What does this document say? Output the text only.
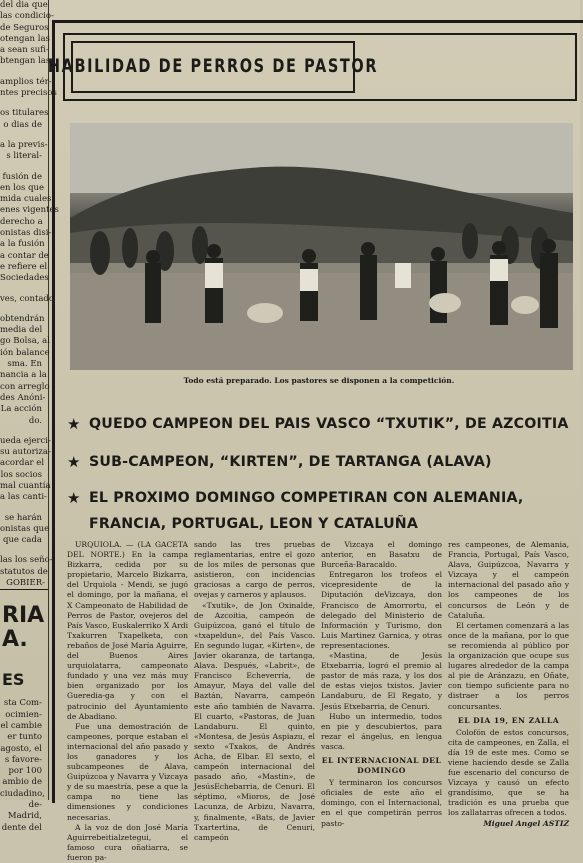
del dia que
las condicio-
de Seguros
otengan las
a sean sufi-
btengan las
amplios tér-
ntes precisos
os titulares
o dias de
a la previs-
s literal-
fusión de
en los que
mida cuales
enes vigentes
derecho a
onistas disi-
a la fusión
a contar de
e refiere el
Sociedades
ves, contado
obtendrán
media del
go Bolsa, al
ión balance
sma. En
nancia a la
con arreglo
des Anóni-
La acción
do.
ueda ejerci-
su autoriza-
acordar el
los socios
mal cuantía
a las canti-
se harán
onistas que
que cada
las los seño-
statutos de
GOBIER-
RIA
A.
ES
sta Com-
ocimien-
el cambie
er tunto
agosto, el
s favore-
por 100
ambio de
ciudadino,
de-
Madrid,
dente del
HABILIDAD DE PERROS DE PASTOR
Todo está preparado. Los pastores se disponen a la competición.
★ QUEDO CAMPEON DEL PAIS VASCO “TXUTIK”, DE AZCOITIA
★ SUB-CAMPEON, “KIRTEN”, DE TARTANGA (ALAVA)
★ EL PROXIMO DOMINGO COMPETIRAN CON ALEMANIA, FRANCIA, PORTUGAL, LEON Y CATALUÑA

URQUIOLA. — (LA GACETA DEL NORTE.) En la campa Bizkarra, cedida por su propietario, Marcelo Bizkarra, del Urquiola - Mendi, se jugó el domingo, por la mañana, el X Campeonato de Habilidad de Perros de Pastor, ovejeros del País Vasco, Euskalerriko X Ardi Txakurren Txapelketa, con rebaños de José María Aguirre, del Buenos Aires urquiolatarra, campeonato fundado y una vez más muy bien organizado por los Gueredia-ga y con el patrocinio del Ayuntamiento de Abadiano.

Fue una demostración de campeones, porque estaban el internacional del año pasado y los ganadores y los subcampeones de Alava, Guipúzcoa y Navarra y Vizcaya y de su maestría, pese a que la campa no tiene las dimensiones y condiciones necesarias.

A la voz de don José María Aguirrebeitialzetegui, el famoso cura oñatiarra, se fueron pa-

sando las tres pruebas reglamentarias, entre el gozo de los miles de personas que asistieron, con incidencias graciosas a cargo de perros, ovejas y carneros y aplausos.

«Txutik», de Jon Oxinalde, de Azcoitia, campeón de Guipúzcoa, ganó el título de «txapeldun», del País Vasco. En segundo lugar, «Kirten», de Javier okaranza, de tartanga, Alava. Después, «Labrit», de Francisco Echeverría, de Amayur, Maya del valle del Baztán, Navarra, campeón este año también de Navarra. El cuarto, «Pastoras, de Juan Landaburu. El quinto, «Montesa, de Jesús Aspiazu, el sexto «Txakos, de Andrés Acha, de Elbar. El sexto, el campeón internacional del pasado año, «Mastin», de JesúsEchebarria, de Cenuri. El séptimo, «Mioros, de José Lacunza, de Arbizu, Navarra, y, finalmente, «Bats, de Javier Txartertina, de Cenuri, campeón

de Vizcaya el domingo anterior, en Basatxu de Burceña-Baracaldo.

Entregaron los trofeos el vicepresidente de la Diputación deVizcaya, don Francisco de Amorrortu, el delegado del Ministerio de Información y Turismo, don Luis Martinez Garnica, y otras representaciones.

«Mastina, de Jesús Etxebarria, logró el premio al pastor de más raza, y los dos de estas viejos txistos. Javier Landaburu, de El Regato, y Jesús Etxebarria, de Cenuri.

Hubo un intermedio, todos en pie y descubiertos, para rezar el ángelus, en lengua vasca.

EL INTERNACIONAL DEL DOMINGO

Y terminaron los concursos oficiales de este año el domingo, con el Internacional, en el que competirán perros pasto-

res campeones, de Alemania, Francia, Portugal, País Vasco, Alava, Guipúzcoa, Navarra y Vizcaya y el campeón internacional del pasado año y los campeones de los concursos de León y de Cataluña.

El certamen comenzará a las once de la mañana, por lo que se recomienda al público por la organización que ocupe sus lugares alrededor de la campa al pie de Aránzazu, en Oñate, con tiempo suficiente para no distraer a los perros concursantes.

EL DIA 19, EN ZALLA

Colofón de estos concursos, cita de campeones, en Zalla, el día 19 de este mes. Como se viene haciendo desde se Zalla fue escenario del concurso de Vizcaya y causó un efecto grandísimo, que se ha tradición es una prueba que los zallatarras ofrecen a todos.

Miguel Angel ASTIZ
